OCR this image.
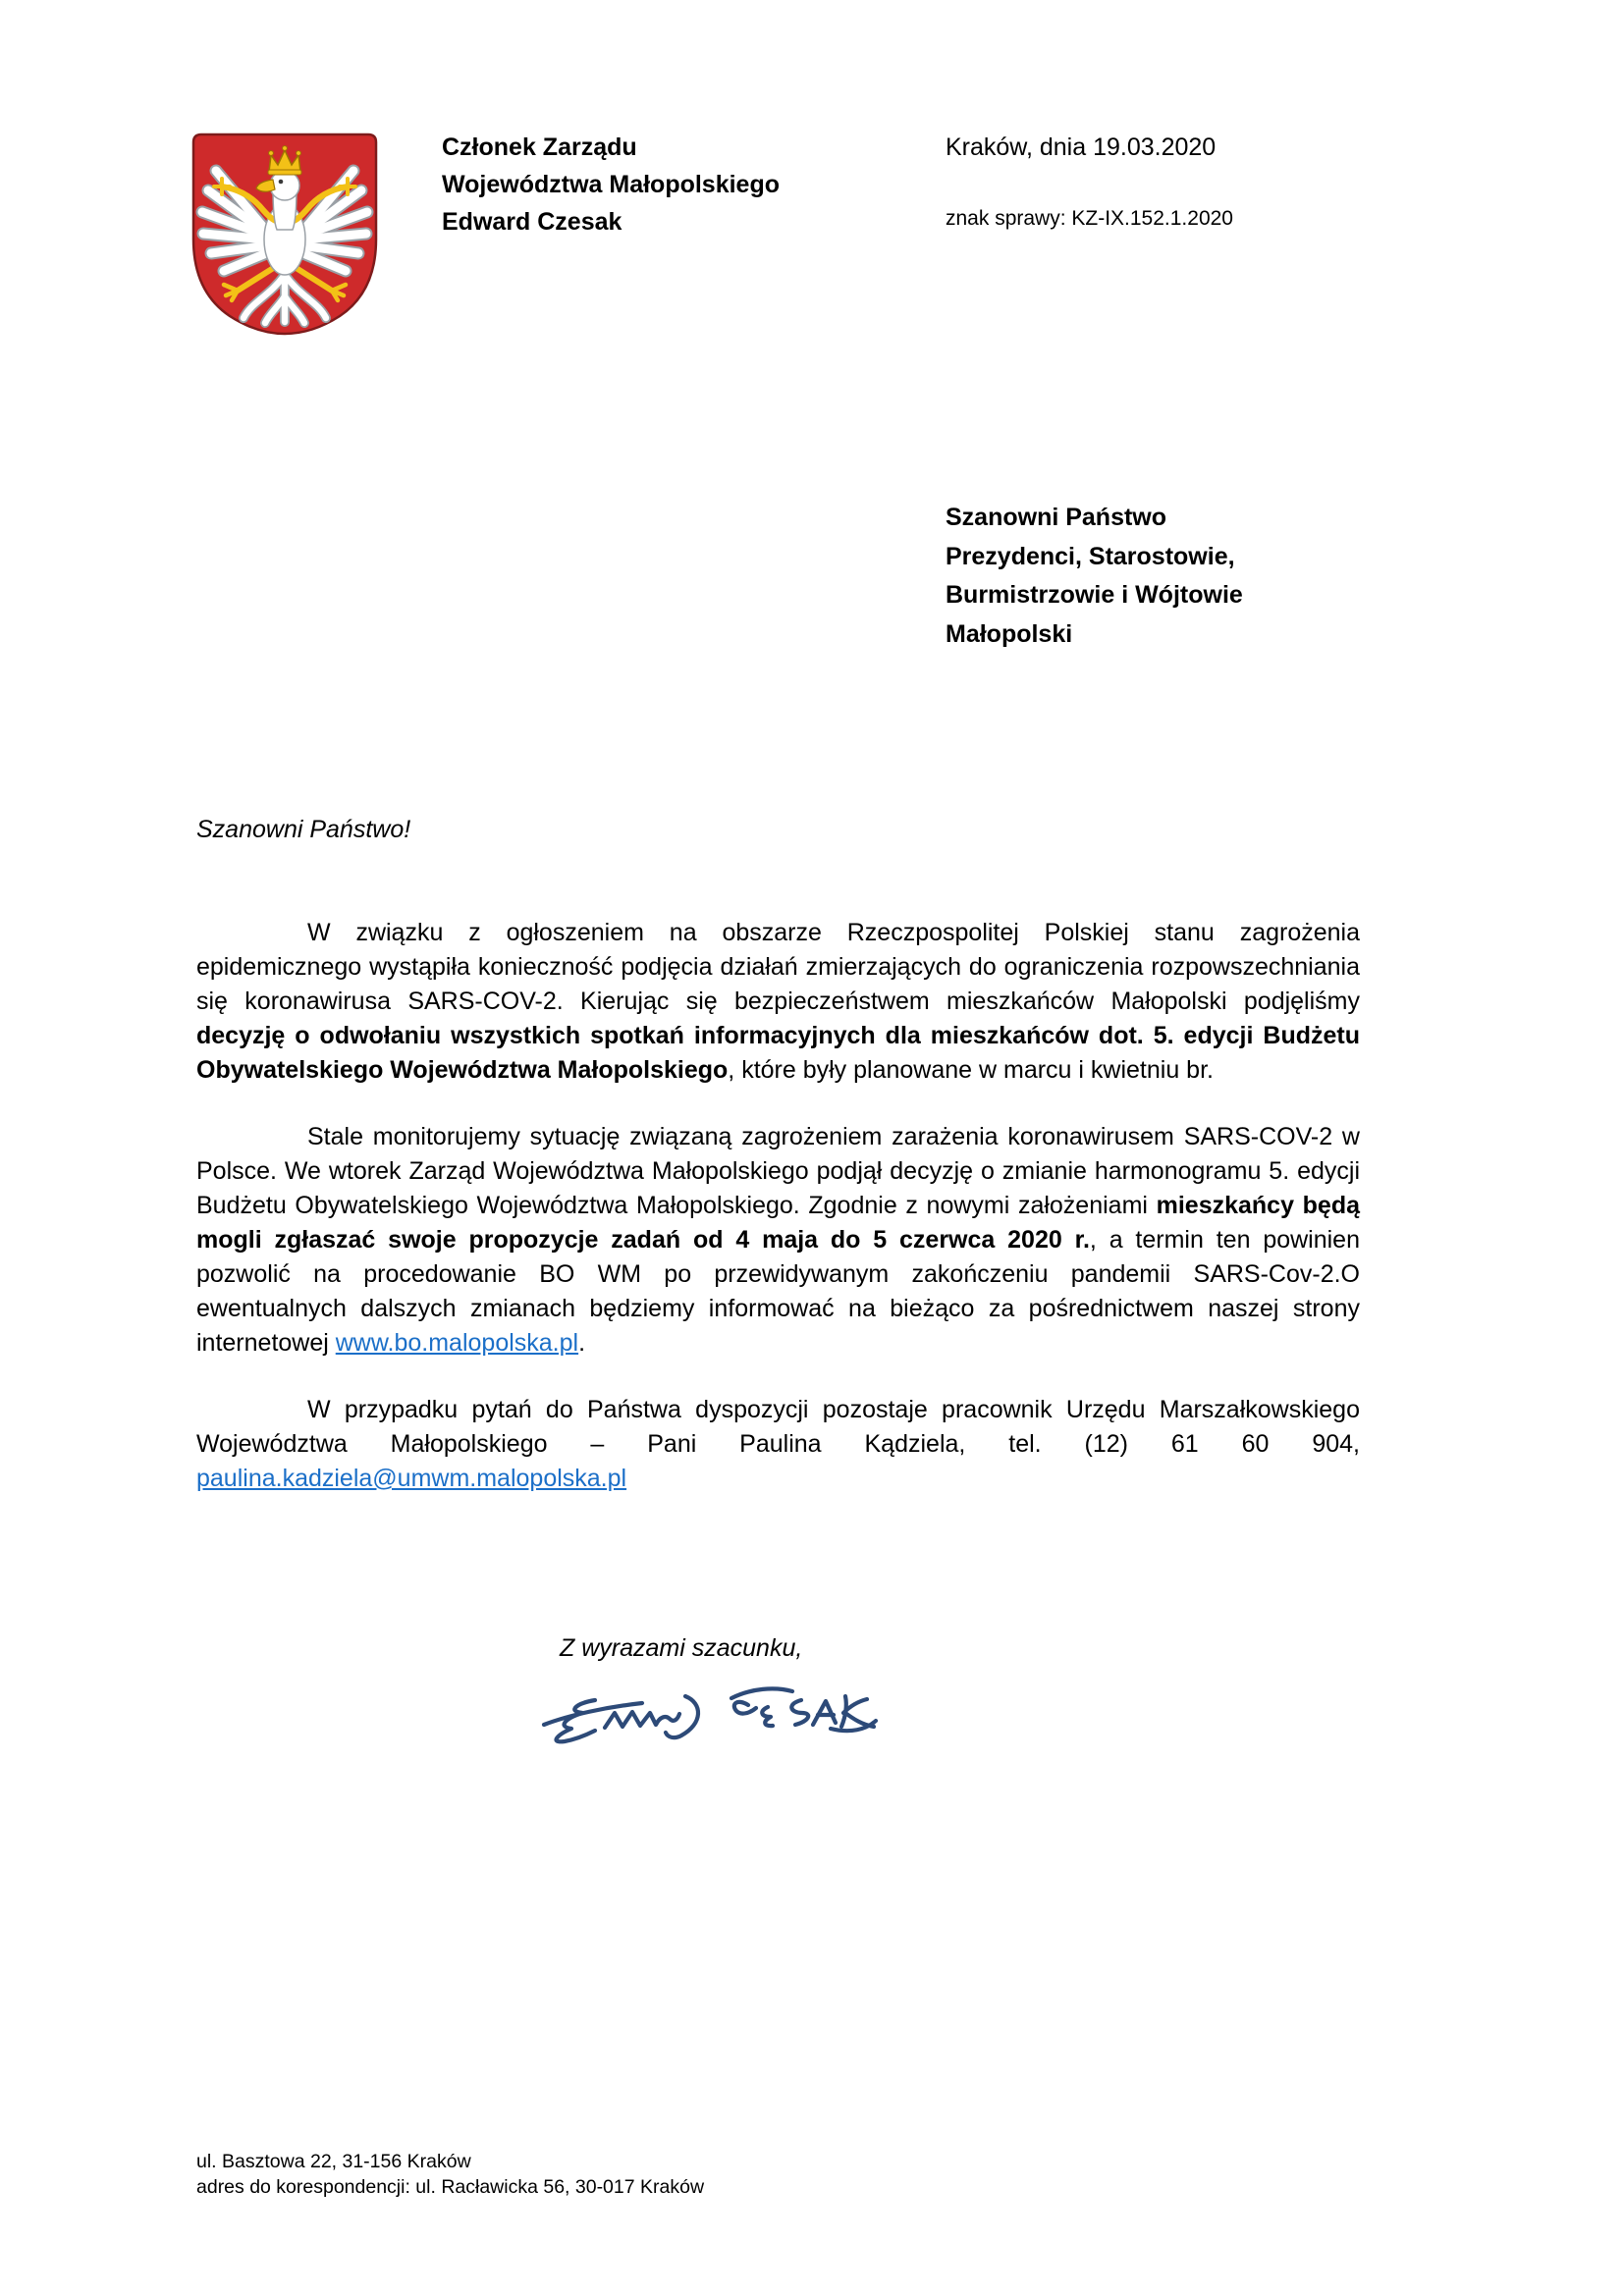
Członek Zarządu
Województwa Małopolskiego
Edward Czesak
Kraków, dnia 19.03.2020
znak sprawy: KZ-IX.152.1.2020
Szanowni Państwo
Prezydenci, Starostowie,
Burmistrzowie i Wójtowie
Małopolski
Szanowni Państwo!

W związku z ogłoszeniem na obszarze Rzeczpospolitej Polskiej stanu zagrożenia epidemicznego wystąpiła konieczność podjęcia działań zmierzających do ograniczenia rozpowszechniania się koronawirusa SARS-COV-2. Kierując się bezpieczeństwem mieszkańców Małopolski podjęliśmy decyzję o odwołaniu wszystkich spotkań informacyjnych dla mieszkańców dot. 5. edycji Budżetu Obywatelskiego Województwa Małopolskiego, które były planowane w marcu i kwietniu br.

Stale monitorujemy sytuację związaną zagrożeniem zarażenia koronawirusem SARS-COV-2 w Polsce. We wtorek Zarząd Województwa Małopolskiego podjął decyzję o zmianie harmonogramu 5. edycji Budżetu Obywatelskiego Województwa Małopolskiego. Zgodnie z nowymi założeniami mieszkańcy będą mogli zgłaszać swoje propozycje zadań od 4 maja do 5 czerwca 2020 r., a termin ten powinien pozwolić na procedowanie BO WM po przewidywanym zakończeniu pandemii SARS-Cov-2.O ewentualnych dalszych zmianach będziemy informować na bieżąco za pośrednictwem naszej strony internetowej www.bo.malopolska.pl.

W przypadku pytań do Państwa dyspozycji pozostaje pracownik Urzędu Marszałkowskiego Województwa Małopolskiego – Pani Paulina Kądziela, tel. (12) 61 60 904, paulina.kadziela@umwm.malopolska.pl

Z wyrazami szacunku,
ul. Basztowa 22, 31-156 Kraków
adres do korespondencji: ul. Racławicka 56, 30-017 Kraków
